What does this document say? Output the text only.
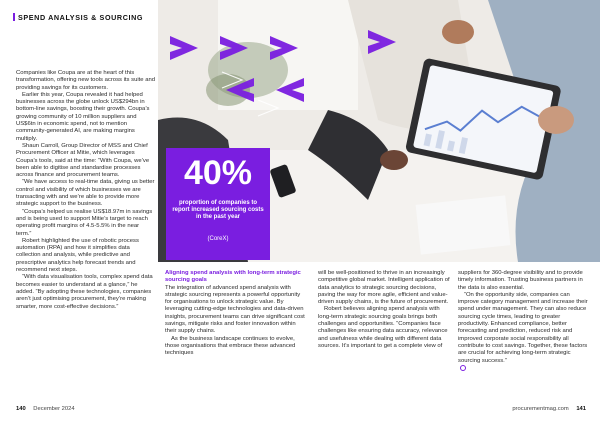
SPEND ANALYSIS & SOURCING
40%
proportion of companies to report increased sourcing costs in the past year
(CoreX)

Companies like Coupa are at the heart of this transformation, offering new tools across its suite and providing savings for its customers.

Earlier this year, Coupa revealed it had helped businesses across the globe unlock US$294bn in bottom-line savings, boosting their growth. Coupa’s growing community of 10 million suppliers and US$6tn in economic spend, not to mention community-generated AI, are making margins multiply.

Shaun Carroll, Group Director of MSS and Chief Procurement Officer at Mitie, which leverages Coupa’s tools, said at the time: “With Coupa, we’ve been able to digitise and standardise processes across finance and procurement teams.

“We have access to real-time data, giving us better control and visibility of which businesses we are transacting with and we’re able to provide more strategic support to the business.

“Coupa’s helped us realise US$18.97m in savings and is being used to support Mitie’s target to reach operating profit margins of 4.5-5.5% in the near term.”

Robert highlighted the use of robotic process automation (RPA) and how it simplifies data collection and analysis, while predictive and prescriptive analytics help forecast trends and recommend next steps.

“With data visualisation tools, complex spend data becomes easier to understand at a glance,” he added. “By adopting these technologies, companies aren’t just optimising procurement, they’re making smarter, more cost-effective decisions.”

Aligning spend analysis with long-term strategic sourcing goals

The integration of advanced spend analysis with strategic sourcing represents a powerful opportunity for organisations to unlock strategic value. By leveraging cutting-edge technologies and data-driven insights, procurement teams can drive significant cost savings, mitigate risks and foster innovation within their supply chains.

As the business landscape continues to evolve, those organisations that embrace these advanced techniques

will be well-positioned to thrive in an increasingly competitive global market. Intelligent application of data analytics to strategic sourcing decisions, paving the way for more agile, efficient and value-driven supply chains, is the future of procurement.

Robert believes aligning spend analysis with long-term strategic sourcing goals brings both challenges and opportunities. “Companies face challenges like ensuring data accuracy, relevance and usefulness while dealing with different data sources. It’s important to get a complete view of

suppliers for 360-degree visibility and to provide timely information. Trusting business partners in the data is also essential.

“On the opportunity side, companies can improve category management and increase their spend under management. They can also reduce sourcing cycle times, leading to greater productivity. Enhanced compliance, better forecasting and prediction, reduced risk and improved corporate social responsibility all contribute to cost savings. Together, these factors are crucial for achieving long-term strategic sourcing success.”

140 December 2024	procurementmag.com 141
